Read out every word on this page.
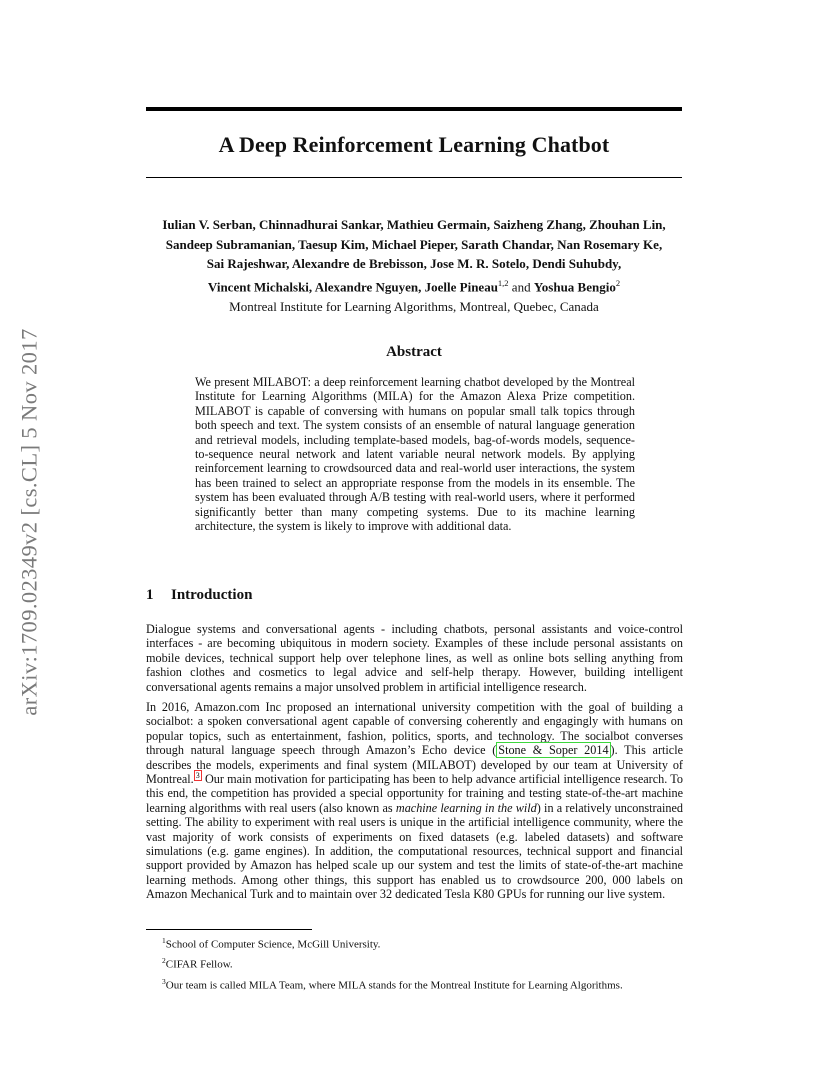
arXiv:1709.02349v2 [cs.CL] 5 Nov 2017
A Deep Reinforcement Learning Chatbot
Iulian V. Serban, Chinnadhurai Sankar, Mathieu Germain, Saizheng Zhang, Zhouhan Lin,
Sandeep Subramanian, Taesup Kim, Michael Pieper, Sarath Chandar, Nan Rosemary Ke,
Sai Rajeshwar, Alexandre de Brebisson, Jose M. R. Sotelo, Dendi Suhubdy,
Vincent Michalski, Alexandre Nguyen, Joelle Pineau$^{1,2}$ and Yoshua Bengio$^2$
Montreal Institute for Learning Algorithms, Montreal, Quebec, Canada
Abstract
We present MILABOT: a deep reinforcement learning chatbot developed by the Montreal Institute for Learning Algorithms (MILA) for the Amazon Alexa Prize competition. MILABOT is capable of conversing with humans on popular small talk topics through both speech and text. The system consists of an ensemble of natural language generation and retrieval models, including template-based models, bag-of-words models, sequence-to-sequence neural network and latent variable neural network models. By applying reinforcement learning to crowdsourced data and real-world user interactions, the system has been trained to select an appropriate response from the models in its ensemble. The system has been evaluated through A/B testing with real-world users, where it performed significantly better than many competing systems. Due to its machine learning architecture, the system is likely to improve with additional data.
1 Introduction
Dialogue systems and conversational agents - including chatbots, personal assistants and voice-control interfaces - are becoming ubiquitous in modern society. Examples of these include personal assistants on mobile devices, technical support help over telephone lines, as well as online bots selling anything from fashion clothes and cosmetics to legal advice and self-help therapy. However, building intelligent conversational agents remains a major unsolved problem in artificial intelligence research.
In 2016, Amazon.com Inc proposed an international university competition with the goal of building a socialbot: a spoken conversational agent capable of conversing coherently and engagingly with humans on popular topics, such as entertainment, fashion, politics, sports, and technology. The socialbot converses through natural language speech through Amazon’s Echo device ( Stone & Soper 2014 ). This article describes the models, experiments and final system (MILABOT) developed by our team at University of Montreal. $^3$ Our main motivation for participating has been to help advance artificial intelligence research. To this end, the competition has provided a special opportunity for training and testing state-of-the-art machine learning algorithms with real users (also known as machine learning in the wild) in a relatively unconstrained setting. The ability to experiment with real users is unique in the artificial intelligence community, where the vast majority of work consists of experiments on fixed datasets (e.g. labeled datasets) and software simulations (e.g. game engines). In addition, the computational resources, technical support and financial support provided by Amazon has helped scale up our system and test the limits of state-of-the-art machine learning methods. Among other things, this support has enabled us to crowdsource 200, 000 labels on Amazon Mechanical Turk and to maintain over 32 dedicated Tesla K80 GPUs for running our live system.
$^1$School of Computer Science, McGill University.
$^2$CIFAR Fellow.
$^3$Our team is called MILA Team, where MILA stands for the Montreal Institute for Learning Algorithms.
